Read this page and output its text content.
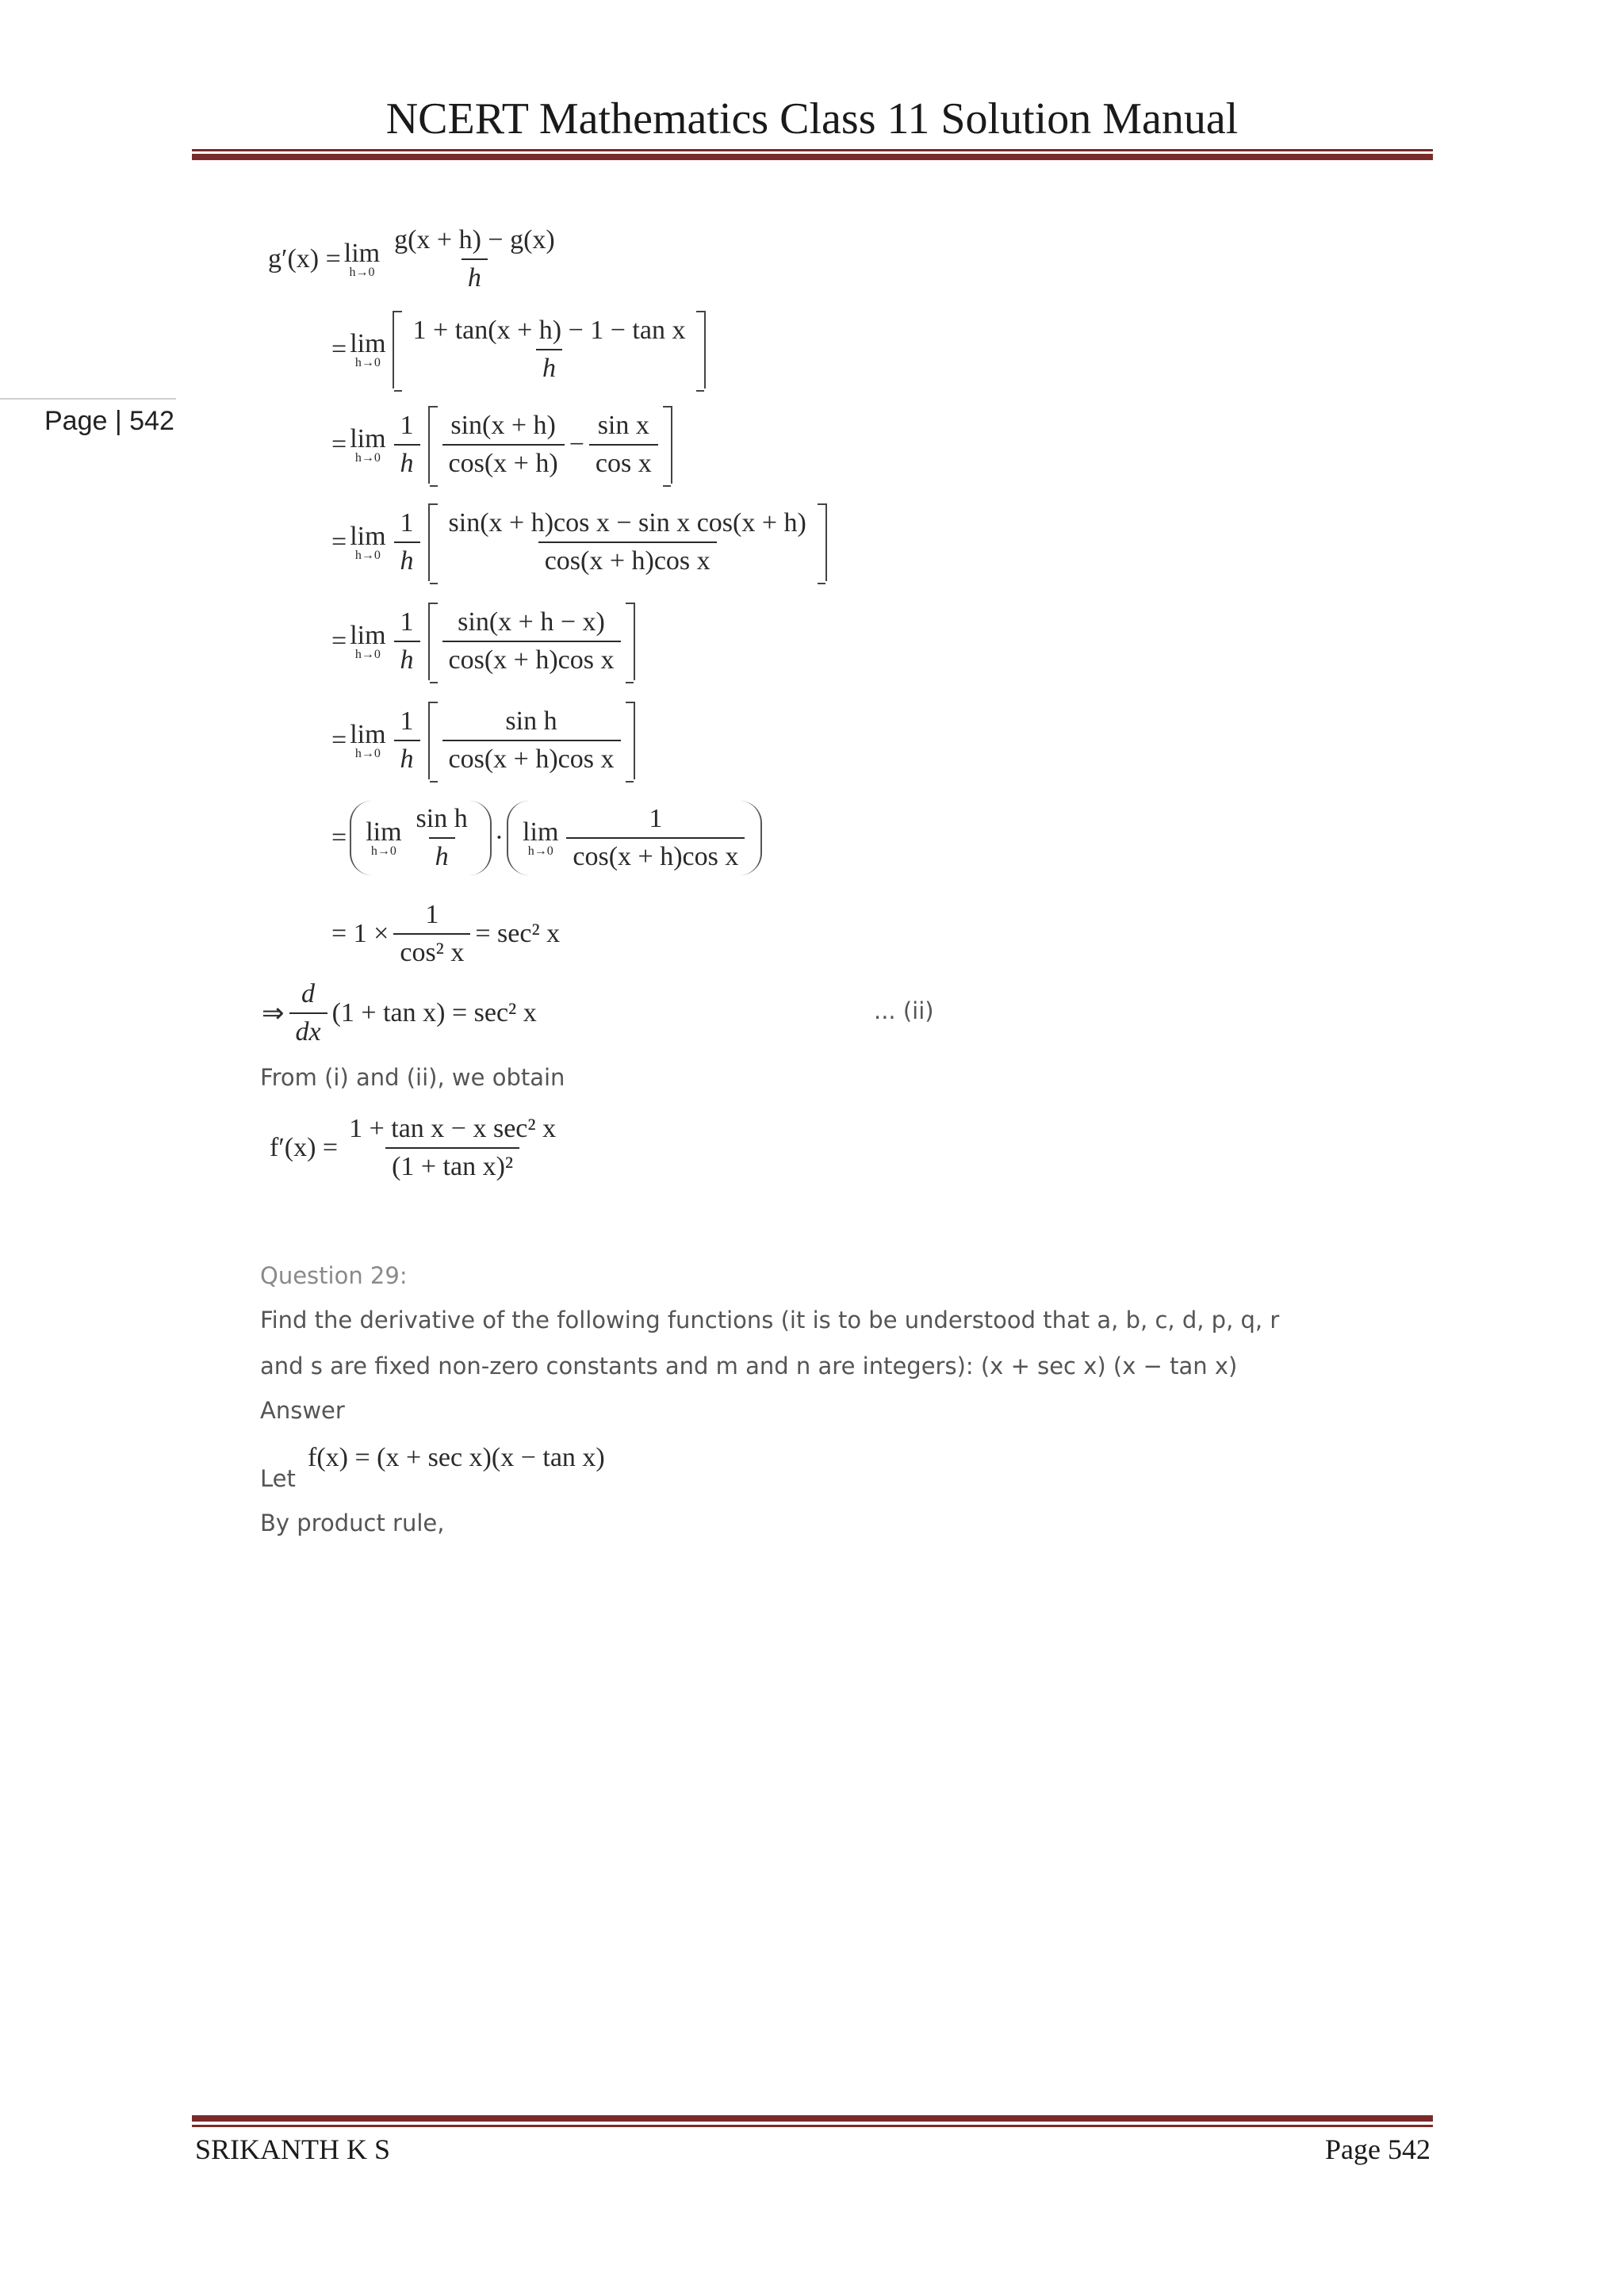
NCERT Mathematics Class 11 Solution Manual
Page | 542
g′(x) = lim
$h\to 0 \frac{g(x + h) - g(x)}{h}$
= lim
$h\to 0 \frac{\text{1 + tan(x + h) − 1 − tan x}}{h}$
= lim
$h\to 0 \frac{1}{h} \frac{\sin(x + h)}{\cos(x + h)} - \frac{\text{sin x}}{\text{cos x}}$
= lim
$h\to 0 \frac{1}{h} \frac{\text{sin(x + h)cos x − sin x cos(x + h)}}{\text{cos(x + h)cos x}}$
= lim
$h\to 0 \frac{1}{h} \frac{\sin(x + h - x)}{\text{cos(x + h)cos x}}$
= lim
$h\to 0 \frac{1}{h} \frac{\text{sin h}}{\text{cos(x + h)cos x}}$
= lim
$h\to 0 \frac{\text{sin h}}{h} \cdot \lim$
$h\to 0 \frac{1}{\text{cos(x + h)cos x}}$
= $1 \times \frac{1}{\text{cos² x}} = \sec^2$ x
⇒ $\frac{d}{dx} (1 + \tan x) = \sec^2$ x	... (ii)
From (i) and (ii), we obtain
$f'(x) = \frac{\text{1 + tan x − x sec² x}}{\text{(1 + tan x)²}}$
Question 29:
Find the derivative of the following functions (it is to be understood that a, b, c, d, p, q, r
and s are fixed non-zero constants and m and n are integers): (x + sec x) (x − tan x)
Answer
Let
f(x) = (x + sec x)(x − tan x)
By product rule,
SRIKANTH K S	Page 542
